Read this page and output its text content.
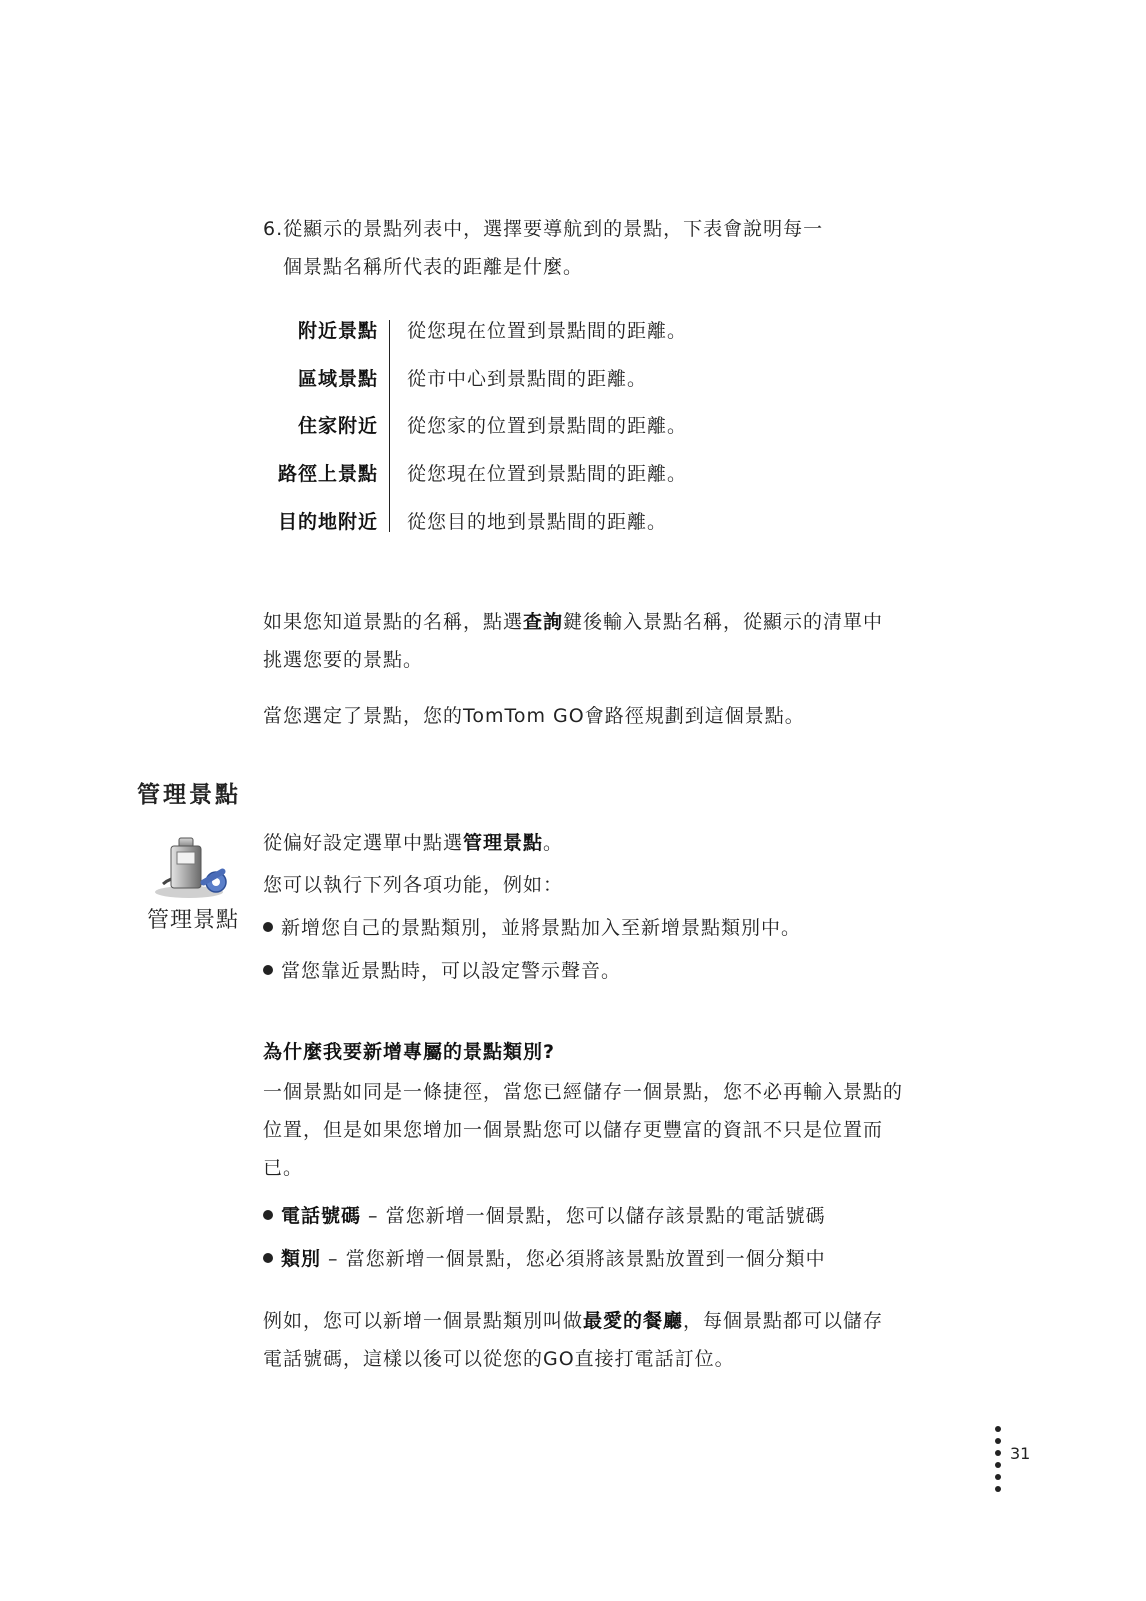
6.從顯示的景點列表中，選擇要導航到的景點，下表會說明每一
個景點名稱所代表的距離是什麼。
附近景點 從您現在位置到景點間的距離。
區域景點 從市中心到景點間的距離。
住家附近 從您家的位置到景點間的距離。
路徑上景點 從您現在位置到景點間的距離。
目的地附近 從您目的地到景點間的距離。

如果您知道景點的名稱，點選查詢鍵後輸入景點名稱，從顯示的清單中挑選您要的景點。

當您選定了景點，您的TomTom GO會路徑規劃到這個景點。

管理景點
管理景點

從偏好設定選單中點選管理景點。

您可以執行下列各項功能，例如：

新增您自己的景點類別，並將景點加入至新增景點類別中。
當您靠近景點時，可以設定警示聲音。
為什麼我要新增專屬的景點類別?

一個景點如同是一條捷徑，當您已經儲存一個景點，您不必再輸入景點的位置，但是如果您增加一個景點您可以儲存更豐富的資訊不只是位置而已。

電話號碼 – 當您新增一個景點，您可以儲存該景點的電話號碼
類別 – 當您新增一個景點，您必須將該景點放置到一個分類中

例如，您可以新增一個景點類別叫做最愛的餐廳，每個景點都可以儲存電話號碼，這樣以後可以從您的GO直接打電話訂位。

31
